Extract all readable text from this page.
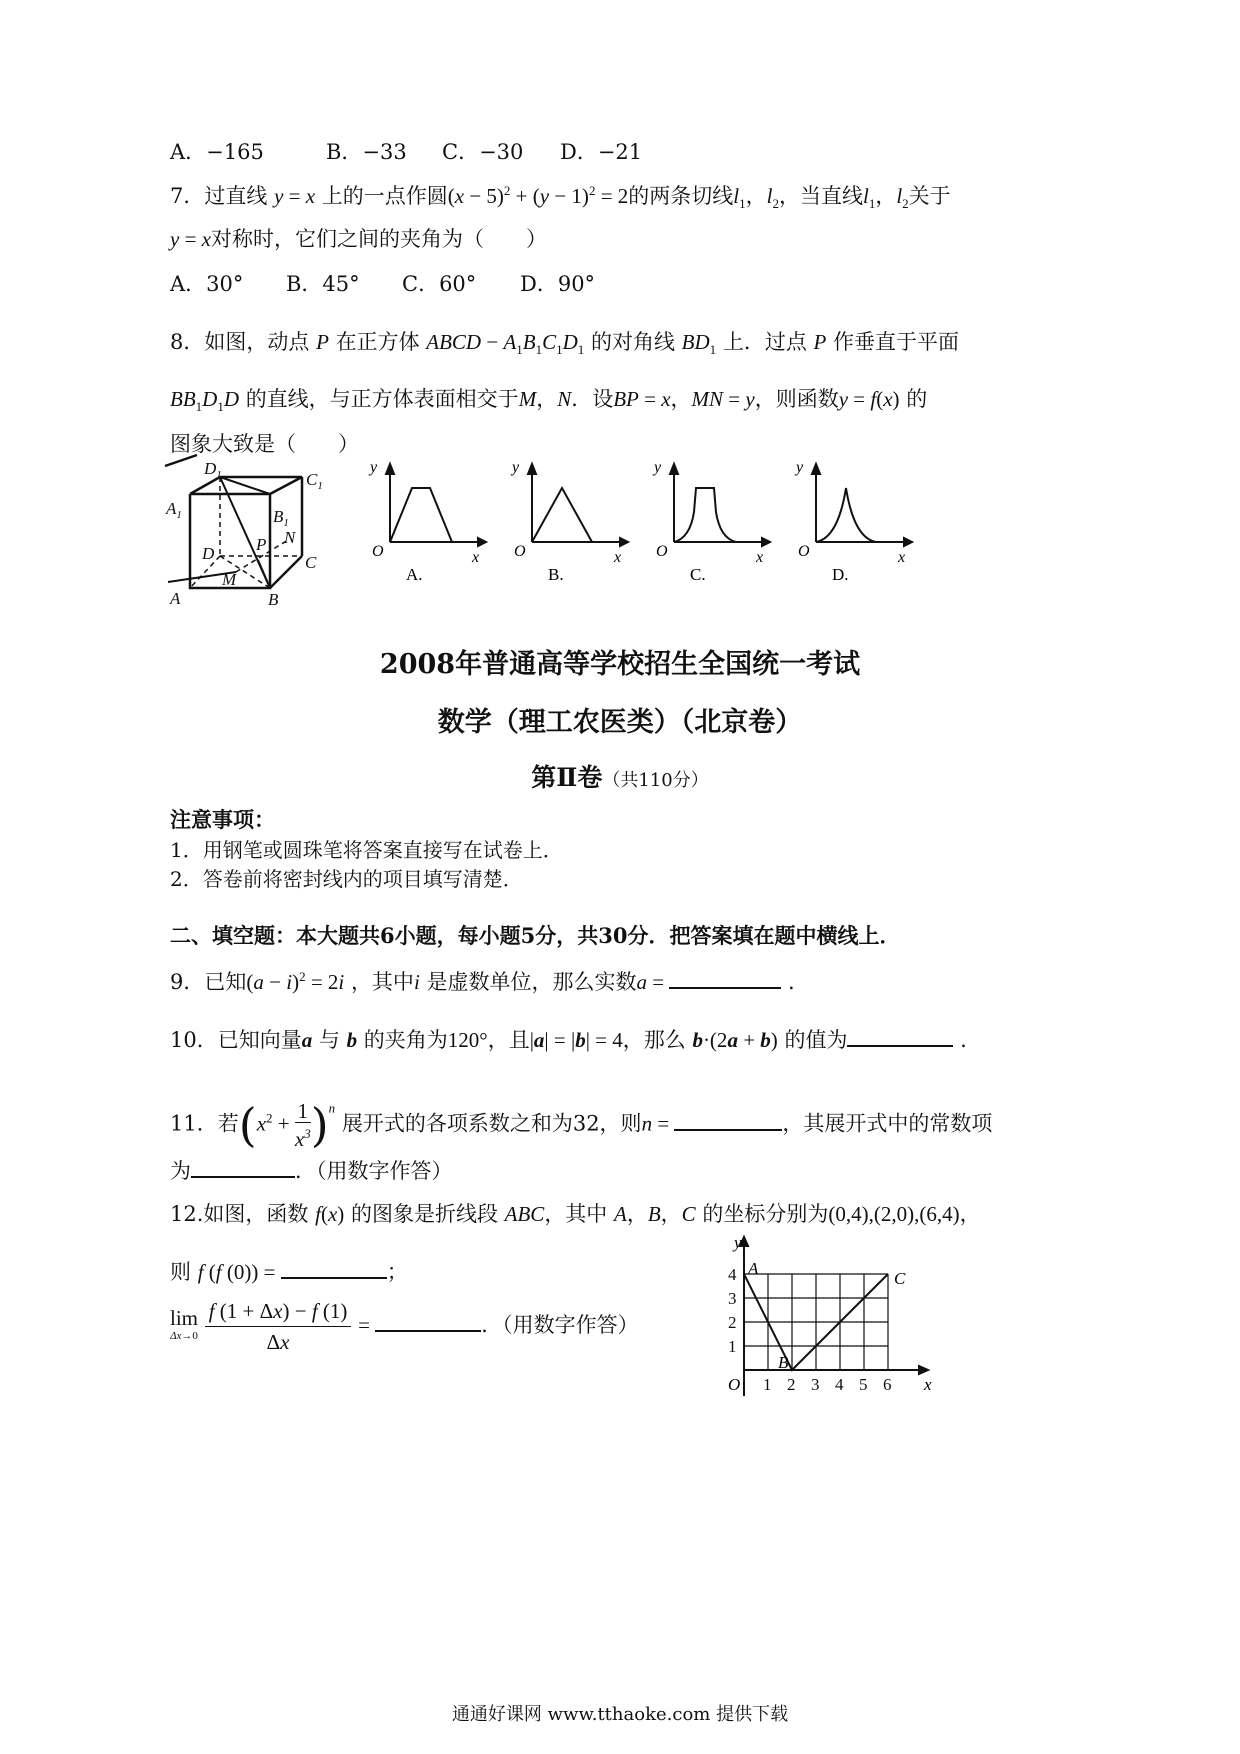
A．−165	B．−33 C．−30 D．−21
7．过直线 y = x 上的一点作圆$(x - 5)^2 + (y - 1)^2 = 2$的两条切线$l_1$，$l_2$，当直线$l_1$，$l_2$关于
y = x对称时，它们之间的夹角为（　　）
A．30° B．45° C．60° D．90°
8．如图，动点 P 在正方体 ABCD − $A_1B_1C_1D_1$ 的对角线 $BD_1$ 上．过点 P 作垂直于平面
$BB_1D_1D$ 的直线，与正方体表面相交于M，N．设BP = x，MN = y，则函数y = f(x) 的
图象大致是（　　）
$D_1$	$C_1$
$A_1$	$B_1$
D P N
C
M
A	B
y
O	x
A.
y
O	x
B.
y
O	x
C.
y
O	x
D.
2008年普通高等学校招生全国统一考试
数学（理工农医类）（北京卷）
第Ⅱ卷（共110分）
注意事项：
1．用钢笔或圆珠笔将答案直接写在试卷上．
2．答卷前将密封线内的项目填写清楚．
二、填空题：本大题共6小题，每小题5分，共30分．把答案填在题中横线上．
9．已知$(a - i)^2 = 2i$ ，其中i 是虚数单位，那么实数a =	.
10．已知向量a 与 b 的夹角为120°，且|a| = |b| = 4，那么 b·(2a + b) 的值为	.
11．若$(x^2 + \frac{1}{x^3} )^n$ 展开式的各项系数之和为32，则n =	，其展开式中的常数项
为	．（用数字作答）
12.如图，函数 f(x) 的图象是折线段 ABC，其中 A，B，C 的坐标分别为(0,4),(2,0),(6,4)，
则 f (f (0)) =	；
lim
Δx→0
$\frac{f (1 + \Delta x) - f (1)}{\Delta x}$ =	．（用数字作答）
1 2 3 4 5 6
1
2
3
4
y
x
O
A
B
C
通通好课网 www.tthaoke.com 提供下载
